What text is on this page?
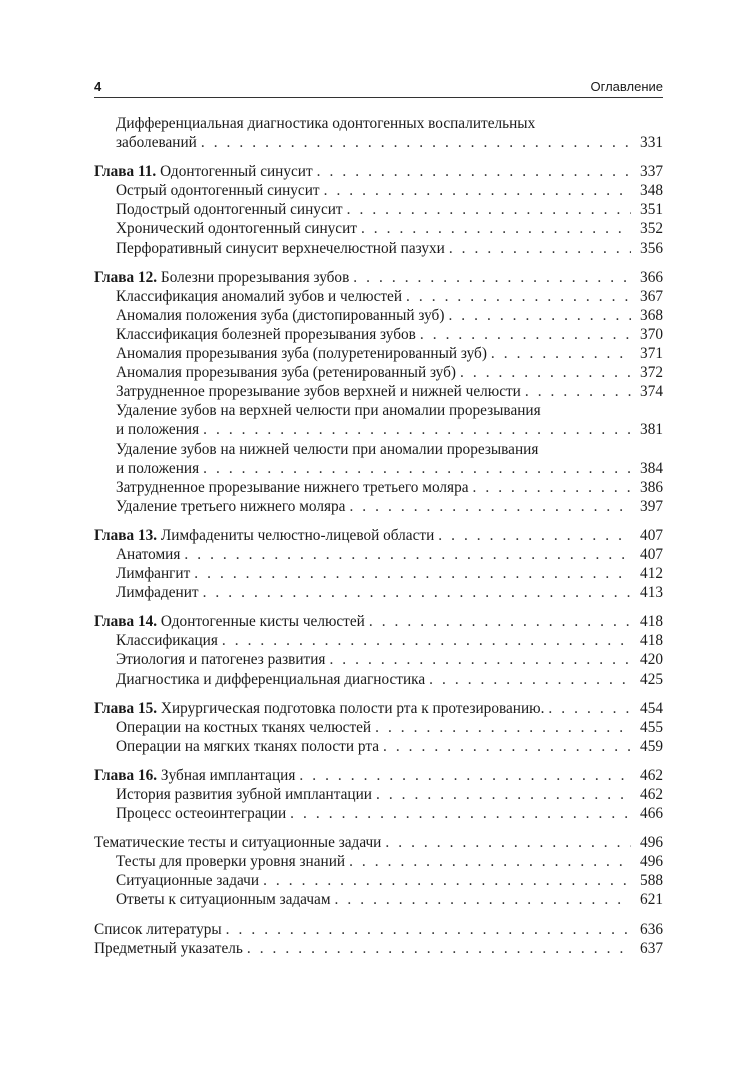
4	Оглавление
Дифференциальная диагностика одонтогенных воспалительных
заболеваний . . .	331
Глава 11. Одонтогенный синусит . . .	337
Острый одонтогенный синусит . . .	348
Подострый одонтогенный синусит . . .	351
Хронический одонтогенный синусит . . .	352
Перфоративный синусит верхнечелюстной пазухи . . .	356
Глава 12. Болезни прорезывания зубов . . .	366
Классификация аномалий зубов и челюстей . . .	367
Аномалия положения зуба (дистопированный зуб) . . .	368
Классификация болезней прорезывания зубов . . .	370
Аномалия прорезывания зуба (полуретенированный зуб) . . .	371
Аномалия прорезывания зуба (ретенированный зуб) . . .	372
Затрудненное прорезывание зубов верхней и нижней челюсти . . .	374
Удаление зубов на верхней челюсти при аномалии прорезывания
и положения . . .	381
Удаление зубов на нижней челюсти при аномалии прорезывания
и положения . . .	384
Затрудненное прорезывание нижнего третьего моляра . . .	386
Удаление третьего нижнего моляра . . .	397
Глава 13. Лимфадениты челюстно-лицевой области . . .	407
Анатомия . . .	407
Лимфангит . . .	412
Лимфаденит . . .	413
Глава 14. Одонтогенные кисты челюстей . . .	418
Классификация . . .	418
Этиология и патогенез развития . . .	420
Диагностика и дифференциальная диагностика . . .	425
Глава 15. Хирургическая подготовка полости рта к протезированию. . . .	454
Операции на костных тканях челюстей . . .	455
Операции на мягких тканях полости рта . . .	459
Глава 16. Зубная имплантация . . .	462
История развития зубной имплантации . . .	462
Процесс остеоинтеграции . . .	466
Тематические тесты и ситуационные задачи . . .	496
Тесты для проверки уровня знаний . . .	496
Ситуационные задачи . . .	588
Ответы к ситуационным задачам . . .	621
Список литературы . . .	636
Предметный указатель . . .	637
